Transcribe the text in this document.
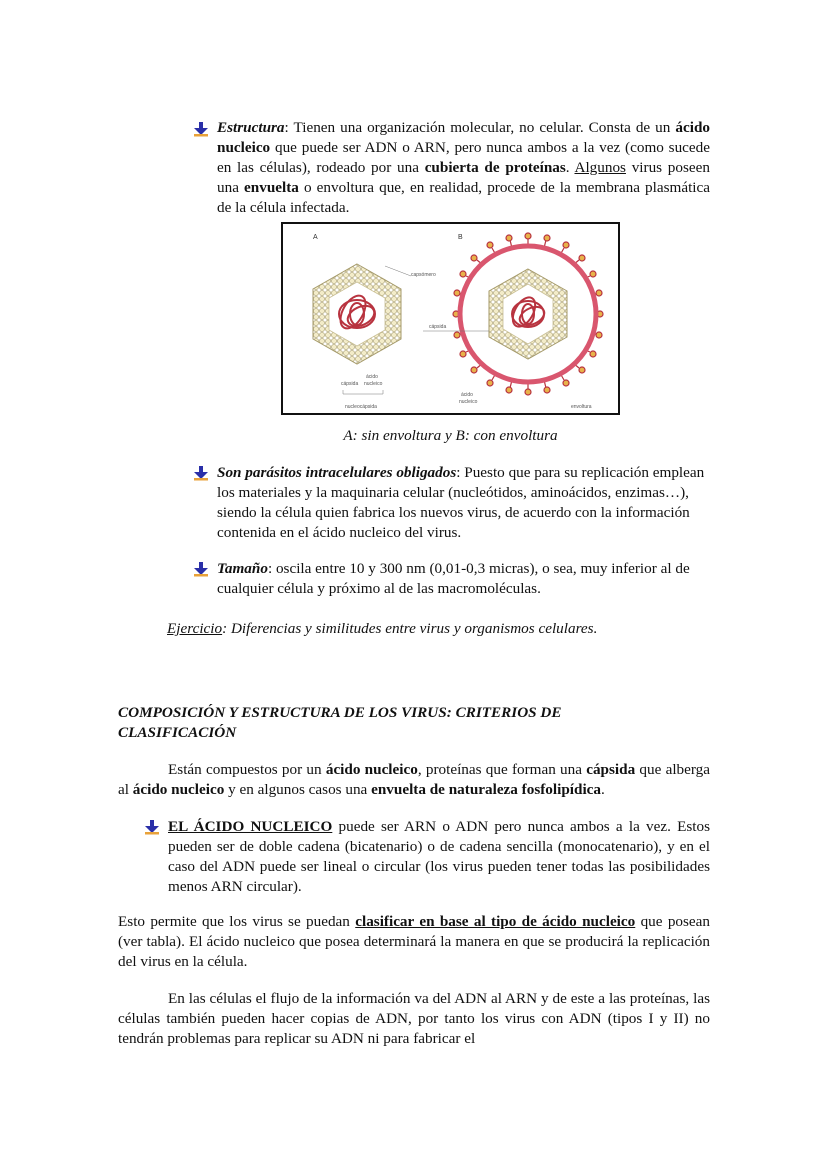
Estructura: Tienen una organización molecular, no celular. Consta de un ácido nucleico que puede ser ADN o ARN, pero nunca ambos a la vez (como sucede en las células), rodeado por una cubierta de proteínas. Algunos virus poseen una envuelta o envoltura que, en realidad, procede de la membrana plasmática de la célula infectada.

A	B
capsómero
cápsida
ácido
nucleico
nucleocápsida
cápsida
ácido
nucleico
envoltura
A: sin envoltura y B: con envoltura

Son parásitos intracelulares obligados: Puesto que para su replicación emplean los materiales y la maquinaria celular (nucleótidos, aminoácidos, enzimas…), siendo la célula quien fabrica los nuevos virus, de acuerdo con la información contenida en el ácido nucleico del virus.

Tamaño: oscila entre 10 y 300 nm (0,01-0,3 micras), o sea, muy inferior al de cualquier célula y próximo al de las macromoléculas.

Ejercicio: Diferencias y similitudes entre virus y organismos celulares.

COMPOSICIÓN Y ESTRUCTURA DE LOS VIRUS: CRITERIOS DE CLASIFICACIÓN

Están compuestos por un ácido nucleico, proteínas que forman una cápsida que alberga al ácido nucleico y en algunos casos una envuelta de naturaleza fosfolipídica.

EL ÁCIDO NUCLEICO puede ser ARN o ADN pero nunca ambos a la vez. Estos pueden ser de doble cadena (bicatenario) o de cadena sencilla (monocatenario), y en el caso del ADN puede ser lineal o circular (los virus pueden tener todas las posibilidades menos ARN circular).

Esto permite que los virus se puedan clasificar en base al tipo de ácido nucleico que posean (ver tabla). El ácido nucleico que posea determinará la manera en que se producirá la replicación del virus en la célula.

En las células el flujo de la información va del ADN al ARN y de este a las proteínas, las células también pueden hacer copias de ADN, por tanto los virus con ADN (tipos I y II) no tendrán problemas para replicar su ADN ni para fabricar el
